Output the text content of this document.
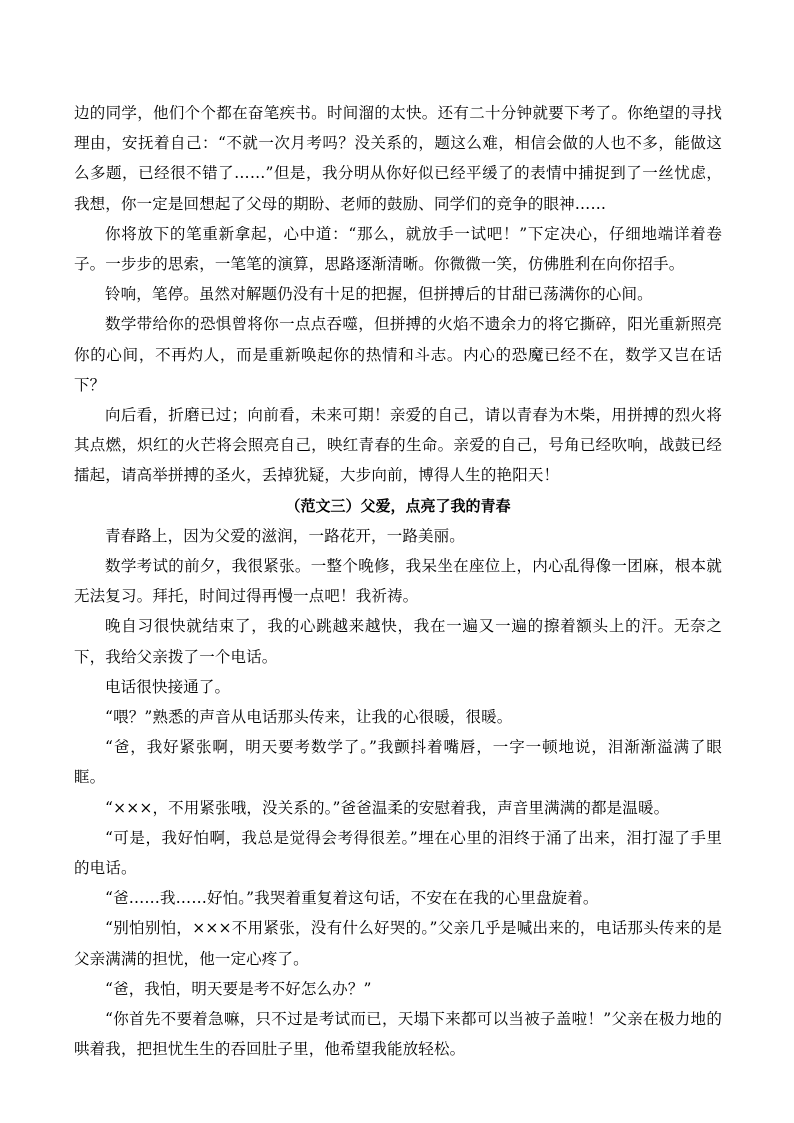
边的同学，他们个个都在奋笔疾书。时间溜的太快。还有二十分钟就要下考了。你绝望的寻找理由，安抚着自己：“不就一次月考吗？没关系的，题这么难，相信会做的人也不多，能做这么多题，已经很不错了……”但是，我分明从你好似已经平缓了的表情中捕捉到了一丝忧虑，我想，你一定是回想起了父母的期盼、老师的鼓励、同学们的竞争的眼神……

你将放下的笔重新拿起，心中道：“那么，就放手一试吧！”下定决心，仔细地端详着卷子。一步步的思索，一笔笔的演算，思路逐渐清晰。你微微一笑，仿佛胜利在向你招手。

铃响，笔停。虽然对解题仍没有十足的把握，但拼搏后的甘甜已荡满你的心间。

数学带给你的恐惧曾将你一点点吞噬，但拼搏的火焰不遗余力的将它撕碎，阳光重新照亮你的心间，不再灼人，而是重新唤起你的热情和斗志。内心的恐魔已经不在，数学又岂在话下？

向后看，折磨已过；向前看，未来可期！亲爱的自己，请以青春为木柴，用拼搏的烈火将其点燃，炽红的火芒将会照亮自己，映红青春的生命。亲爱的自己，号角已经吹响，战鼓已经擂起，请高举拼搏的圣火，丢掉犹疑，大步向前，博得人生的艳阳天！

（范文三）父爱，点亮了我的青春

青春路上，因为父爱的滋润，一路花开，一路美丽。

数学考试的前夕，我很紧张。一整个晚修，我呆坐在座位上，内心乱得像一团麻，根本就无法复习。拜托，时间过得再慢一点吧！我祈祷。

晚自习很快就结束了，我的心跳越来越快，我在一遍又一遍的擦着额头上的汗。无奈之下，我给父亲拨了一个电话。

电话很快接通了。

“喂？”熟悉的声音从电话那头传来，让我的心很暖，很暖。

“爸，我好紧张啊，明天要考数学了。”我颤抖着嘴唇，一字一顿地说，泪渐渐溢满了眼眶。

“×××，不用紧张哦，没关系的。”爸爸温柔的安慰着我，声音里满满的都是温暖。

“可是，我好怕啊，我总是觉得会考得很差。”埋在心里的泪终于涌了出来，泪打湿了手里的电话。

“爸……我……好怕。”我哭着重复着这句话，不安在在我的心里盘旋着。

“别怕别怕，×××不用紧张，没有什么好哭的。”父亲几乎是喊出来的，电话那头传来的是父亲满满的担忧，他一定心疼了。

“爸，我怕，明天要是考不好怎么办？”

“你首先不要着急嘛，只不过是考试而已，天塌下来都可以当被子盖啦！”父亲在极力地的哄着我，把担忧生生的吞回肚子里，他希望我能放轻松。
